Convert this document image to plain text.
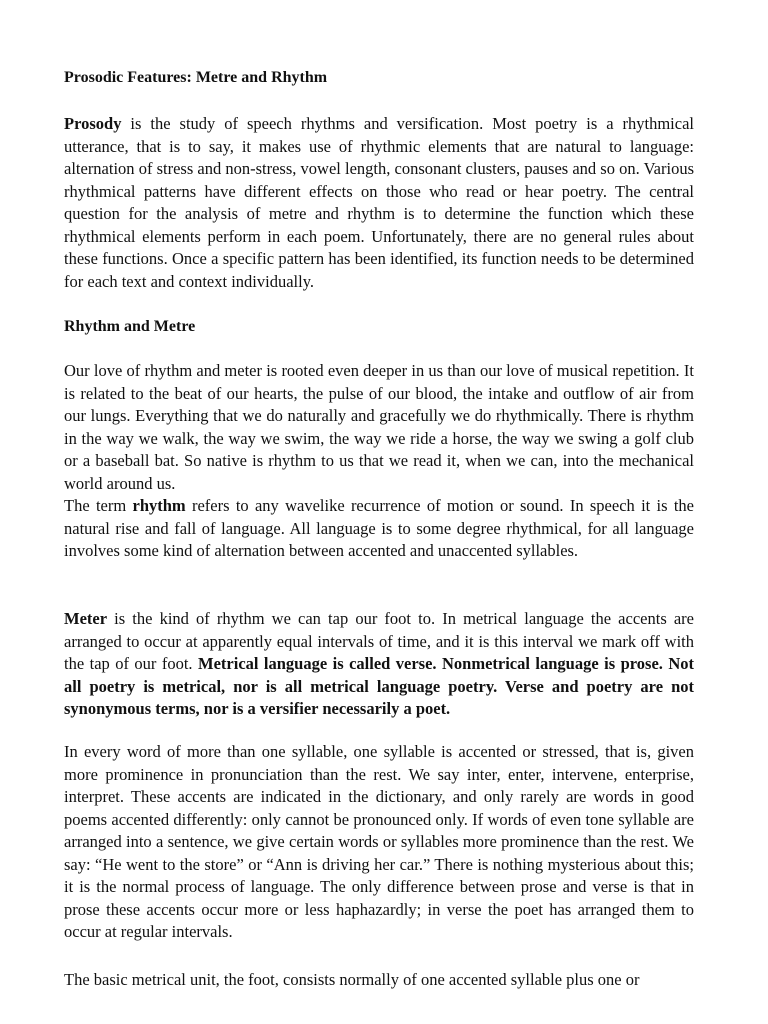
Prosodic Features: Metre and Rhythm

Prosody is the study of speech rhythms and versification. Most poetry is a rhythmical utterance, that is to say, it makes use of rhythmic elements that are natural to language: alternation of stress and non-stress, vowel length, consonant clusters, pauses and so on. Various rhythmical patterns have different effects on those who read or hear poetry. The central question for the analysis of metre and rhythm is to determine the function which these rhythmical elements perform in each poem. Unfortunately, there are no general rules about these functions. Once a specific pattern has been identified, its function needs to be determined for each text and context individually.

Rhythm and Metre

Our love of rhythm and meter is rooted even deeper in us than our love of musical repetition. It is related to the beat of our hearts, the pulse of our blood, the intake and outflow of air from our lungs. Everything that we do naturally and gracefully we do rhythmically. There is rhythm in the way we walk, the way we swim, the way we ride a horse, the way we swing a golf club or a baseball bat. So native is rhythm to us that we read it, when we can, into the mechanical world around us.

The term rhythm refers to any wavelike recurrence of motion or sound. In speech it is the natural rise and fall of language. All language is to some degree rhythmical, for all language involves some kind of alternation between accented and unaccented syllables.

Meter is the kind of rhythm we can tap our foot to. In metrical language the accents are arranged to occur at apparently equal intervals of time, and it is this interval we mark off with the tap of our foot. Metrical language is called verse. Nonmetrical language is prose. Not all poetry is metrical, nor is all metrical language poetry. Verse and poetry are not synonymous terms, nor is a versifier necessarily a poet.

In every word of more than one syllable, one syllable is accented or stressed, that is, given more prominence in pronunciation than the rest. We say inter, enter, intervene, enterprise, interpret. These accents are indicated in the dictionary, and only rarely are words in good poems accented differently: only cannot be pronounced only. If words of even tone syllable are arranged into a sentence, we give certain words or syllables more prominence than the rest. We say: “He went to the store” or “Ann is driving her car.” There is nothing mysterious about this; it is the normal process of language. The only difference between prose and verse is that in prose these accents occur more or less haphazardly; in verse the poet has arranged them to occur at regular intervals.

The basic metrical unit, the foot, consists normally of one accented syllable plus one or
